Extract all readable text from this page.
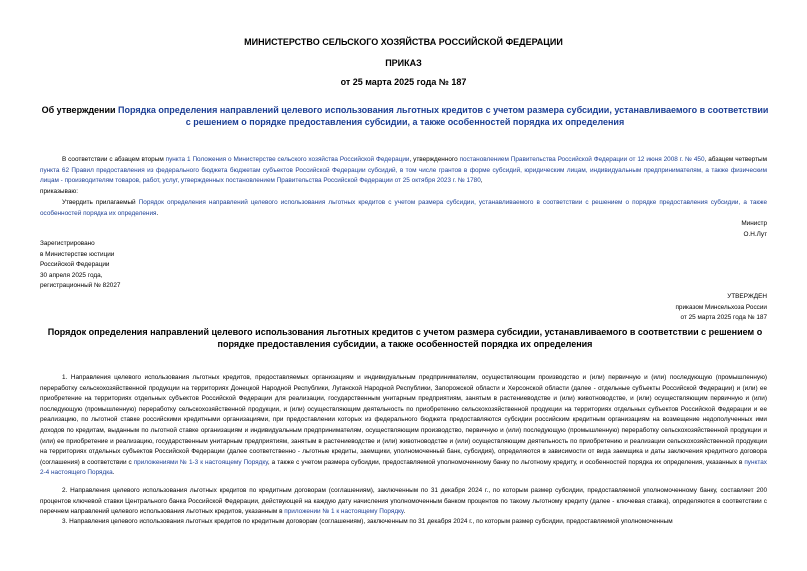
МИНИСТЕРСТВО СЕЛЬСКОГО ХОЗЯЙСТВА РОССИЙСКОЙ ФЕДЕРАЦИИ
ПРИКАЗ
от 25 марта 2025 года № 187
Об утверждении Порядка определения направлений целевого использования льготных кредитов с учетом размера субсидии, устанавливаемого в соответствии с решением о порядке предоставления субсидии, а также особенностей порядка их определения
В соответствии с абзацем вторым пункта 1 Положения о Министерстве сельского хозяйства Российской Федерации, утвержденного постановлением Правительства Российской Федерации от 12 июня 2008 г. № 450, абзацем четвертым пункта 62 Правил предоставления из федерального бюджета бюджетам субъектов Российской Федерации субсидий, в том числе грантов в форме субсидий, юридическим лицам, индивидуальным предпринимателям, а также физическим лицам - производителям товаров, работ, услуг, утвержденных постановлением Правительства Российской Федерации от 25 октября 2023 г. № 1780,
приказываю:
Утвердить прилагаемый Порядок определения направлений целевого использования льготных кредитов с учетом размера субсидии, устанавливаемого в соответствии с решением о порядке предоставления субсидии, а также особенностей порядка их определения.
Министр
О.Н.Лут
Зарегистрировано
в Министерстве юстиции
Российской Федерации
30 апреля 2025 года,
регистрационный № 82027
УТВЕРЖДЕН
приказом Минсельхоза России
от 25 марта 2025 года № 187
Порядок определения направлений целевого использования льготных кредитов с учетом размера субсидии, устанавливаемого в соответствии с решением о порядке предоставления субсидии, а также особенностей порядка их определения
1. Направления целевого использования льготных кредитов, предоставляемых организациям и индивидуальным предпринимателям, осуществляющим производство и (или) первичную и (или) последующую (промышленную) переработку сельскохозяйственной продукции на территориях Донецкой Народной Республики, Луганской Народной Республики, Запорожской области и Херсонской области (далее - отдельные субъекты Российской Федерации) и (или) ее приобретение на территориях отдельных субъектов Российской Федерации для реализации, государственным унитарным предприятиям, занятым в растениеводстве и (или) животноводстве, и (или) осуществляющим первичную и (или) последующую (промышленную) переработку сельскохозяйственной продукции, и (или) осуществляющим деятельность по приобретению сельскохозяйственной продукции на территориях отдельных субъектов Российской Федерации и ее реализацию, по льготной ставке российскими кредитными организациями, при предоставлении которых из федерального бюджета предоставляются субсидии российским кредитным организациям на возмещение недополученных ими доходов по кредитам, выданным по льготной ставке организациям и индивидуальным предпринимателям, осуществляющим производство, первичную и (или) последующую (промышленную) переработку сельскохозяйственной продукции и (или) ее приобретение и реализацию, государственным унитарным предприятиям, занятым в растениеводстве и (или) животноводстве и (или) осуществляющим деятельность по приобретению и реализации сельскохозяйственной продукции на территориях отдельных субъектов Российской Федерации (далее соответственно - льготные кредиты, заемщики, уполномоченный банк, субсидия), определяются в зависимости от вида заемщика и даты заключения кредитного договора (соглашения) в соответствии с приложениями № 1-3 к настоящему Порядку, а также с учетом размера субсидии, предоставляемой уполномоченному банку по льготному кредиту, и особенностей порядка их определения, указанных в пунктах 2-4 настоящего Порядка.
2. Направления целевого использования льготных кредитов по кредитным договорам (соглашениям), заключенным по 31 декабря 2024 г., по которым размер субсидии, предоставляемой уполномоченному банку, составляет 200 процентов ключевой ставки Центрального банка Российской Федерации, действующей на каждую дату начисления уполномоченным банком процентов по такому льготному кредиту (далее - ключевая ставка), определяются в соответствии с перечнем направлений целевого использования льготных кредитов, указанным в приложении № 1 к настоящему Порядку.
3. Направления целевого использования льготных кредитов по кредитным договорам (соглашениям), заключенным по 31 декабря 2024 г., по которым размер субсидии, предоставляемой уполномоченным
